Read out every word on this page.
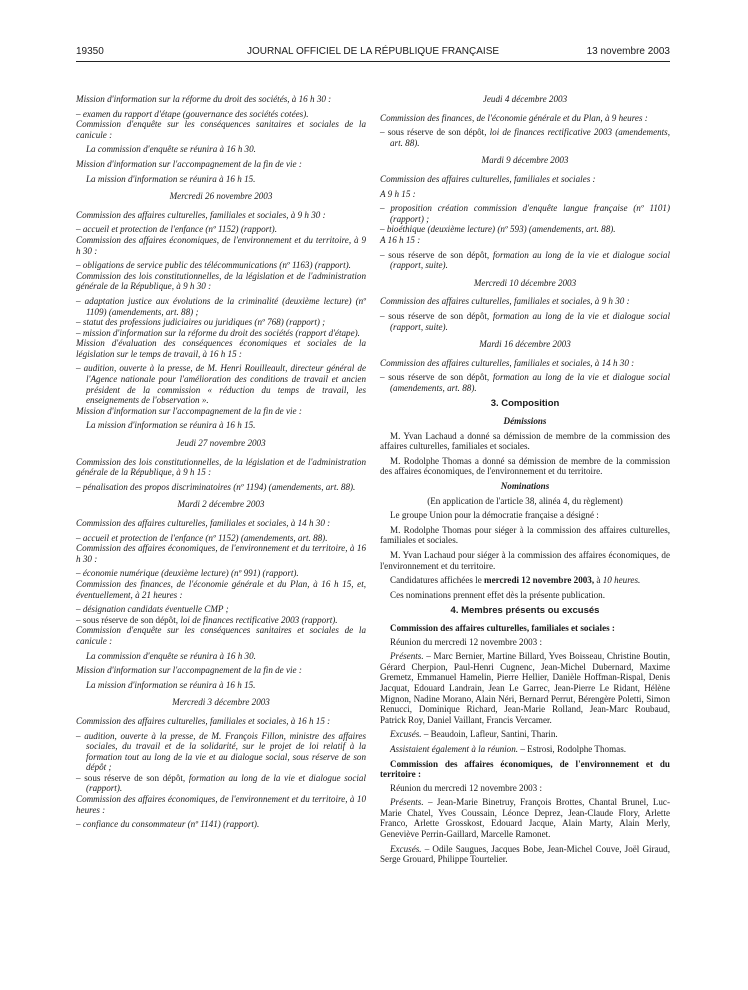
19350	JOURNAL OFFICIEL DE LA RÉPUBLIQUE FRANÇAISE	13 novembre 2003

Mission d'information sur la réforme du droit des sociétés, à 16 h 30 :

– examen du rapport d'étape (gouvernance des sociétés cotées).

Commission d'enquête sur les conséquences sanitaires et sociales de la canicule :

La commission d'enquête se réunira à 16 h 30.

Mission d'information sur l'accompagnement de la fin de vie :

La mission d'information se réunira à 16 h 15.

Mercredi 26 novembre 2003

Commission des affaires culturelles, familiales et sociales, à 9 h 30 :

– accueil et protection de l'enfance (nº 1152) (rapport).

Commission des affaires économiques, de l'environnement et du territoire, à 9 h 30 :

– obligations de service public des télécommunications (nº 1163) (rapport).

Commission des lois constitutionnelles, de la législation et de l'administration générale de la République, à 9 h 30 :

– adaptation justice aux évolutions de la criminalité (deuxième lecture) (nº 1109) (amendements, art. 88) ;

– statut des professions judiciaires ou juridiques (nº 768) (rapport) ;

– mission d'information sur la réforme du droit des sociétés (rapport d'étape).

Mission d'évaluation des conséquences économiques et sociales de la législation sur le temps de travail, à 16 h 15 :

– audition, ouverte à la presse, de M. Henri Rouilleault, directeur général de l'Agence nationale pour l'amélioration des conditions de travail et ancien président de la commission « réduction du temps de travail, les enseignements de l'observation ».

Mission d'information sur l'accompagnement de la fin de vie :

La mission d'information se réunira à 16 h 15.

Jeudi 27 novembre 2003

Commission des lois constitutionnelles, de la législation et de l'administration générale de la République, à 9 h 15 :

– pénalisation des propos discriminatoires (nº 1194) (amendements, art. 88).

Mardi 2 décembre 2003

Commission des affaires culturelles, familiales et sociales, à 14 h 30 :

– accueil et protection de l'enfance (nº 1152) (amendements, art. 88).

Commission des affaires économiques, de l'environnement et du territoire, à 16 h 30 :

– économie numérique (deuxième lecture) (nº 991) (rapport).

Commission des finances, de l'économie générale et du Plan, à 16 h 15, et, éventuellement, à 21 heures :

– désignation candidats éventuelle CMP ;

– sous réserve de son dépôt, loi de finances rectificative 2003 (rapport).

Commission d'enquête sur les conséquences sanitaires et sociales de la canicule :

La commission d'enquête se réunira à 16 h 30.

Mission d'information sur l'accompagnement de la fin de vie :

La mission d'information se réunira à 16 h 15.

Mercredi 3 décembre 2003

Commission des affaires culturelles, familiales et sociales, à 16 h 15 :

– audition, ouverte à la presse, de M. François Fillon, ministre des affaires sociales, du travail et de la solidarité, sur le projet de loi relatif à la formation tout au long de la vie et au dialogue social, sous réserve de son dépôt ;

– sous réserve de son dépôt, formation au long de la vie et dialogue social (rapport).

Commission des affaires économiques, de l'environnement et du territoire, à 10 heures :

– confiance du consommateur (nº 1141) (rapport).

Jeudi 4 décembre 2003

Commission des finances, de l'économie générale et du Plan, à 9 heures :

– sous réserve de son dépôt, loi de finances rectificative 2003 (amendements, art. 88).

Mardi 9 décembre 2003

Commission des affaires culturelles, familiales et sociales :

A 9 h 15 :

– proposition création commission d'enquête langue française (nº 1101) (rapport) ;

– bioéthique (deuxième lecture) (nº 593) (amendements, art. 88).

A 16 h 15 :

– sous réserve de son dépôt, formation au long de la vie et dialogue social (rapport, suite).

Mercredi 10 décembre 2003

Commission des affaires culturelles, familiales et sociales, à 9 h 30 :

– sous réserve de son dépôt, formation au long de la vie et dialogue social (rapport, suite).

Mardi 16 décembre 2003

Commission des affaires culturelles, familiales et sociales, à 14 h 30 :

– sous réserve de son dépôt, formation au long de la vie et dialogue social (amendements, art. 88).

3. Composition

Démissions

M. Yvan Lachaud a donné sa démission de membre de la commission des affaires culturelles, familiales et sociales.

M. Rodolphe Thomas a donné sa démission de membre de la commission des affaires économiques, de l'environnement et du territoire.

Nominations

(En application de l'article 38, alinéa 4, du règlement)

Le groupe Union pour la démocratie française a désigné :

M. Rodolphe Thomas pour siéger à la commission des affaires culturelles, familiales et sociales.

M. Yvan Lachaud pour siéger à la commission des affaires économiques, de l'environnement et du territoire.

Candidatures affichées le mercredi 12 novembre 2003, à 10 heures.

Ces nominations prennent effet dès la présente publication.

4. Membres présents ou excusés

Commission des affaires culturelles, familiales et sociales :

Réunion du mercredi 12 novembre 2003 :

Présents. – Marc Bernier, Martine Billard, Yves Boisseau, Christine Boutin, Gérard Cherpion, Paul-Henri Cugnenc, Jean-Michel Dubernard, Maxime Gremetz, Emmanuel Hamelin, Pierre Hellier, Danièle Hoffman-Rispal, Denis Jacquat, Edouard Landrain, Jean Le Garrec, Jean-Pierre Le Ridant, Hélène Mignon, Nadine Morano, Alain Néri, Bernard Perrut, Bérengère Poletti, Simon Renucci, Dominique Richard, Jean-Marie Rolland, Jean-Marc Roubaud, Patrick Roy, Daniel Vaillant, Francis Vercamer.

Excusés. – Beaudoin, Lafleur, Santini, Tharin.

Assistaient également à la réunion. – Estrosi, Rodolphe Thomas.

Commission des affaires économiques, de l'environnement et du territoire :

Réunion du mercredi 12 novembre 2003 :

Présents. – Jean-Marie Binetruy, François Brottes, Chantal Brunel, Luc-Marie Chatel, Yves Coussain, Léonce Deprez, Jean-Claude Flory, Arlette Franco, Arlette Grosskost, Edouard Jacque, Alain Marty, Alain Merly, Geneviève Perrin-Gaillard, Marcelle Ramonet.

Excusés. – Odile Saugues, Jacques Bobe, Jean-Michel Couve, Joël Giraud, Serge Grouard, Philippe Tourtelier.
